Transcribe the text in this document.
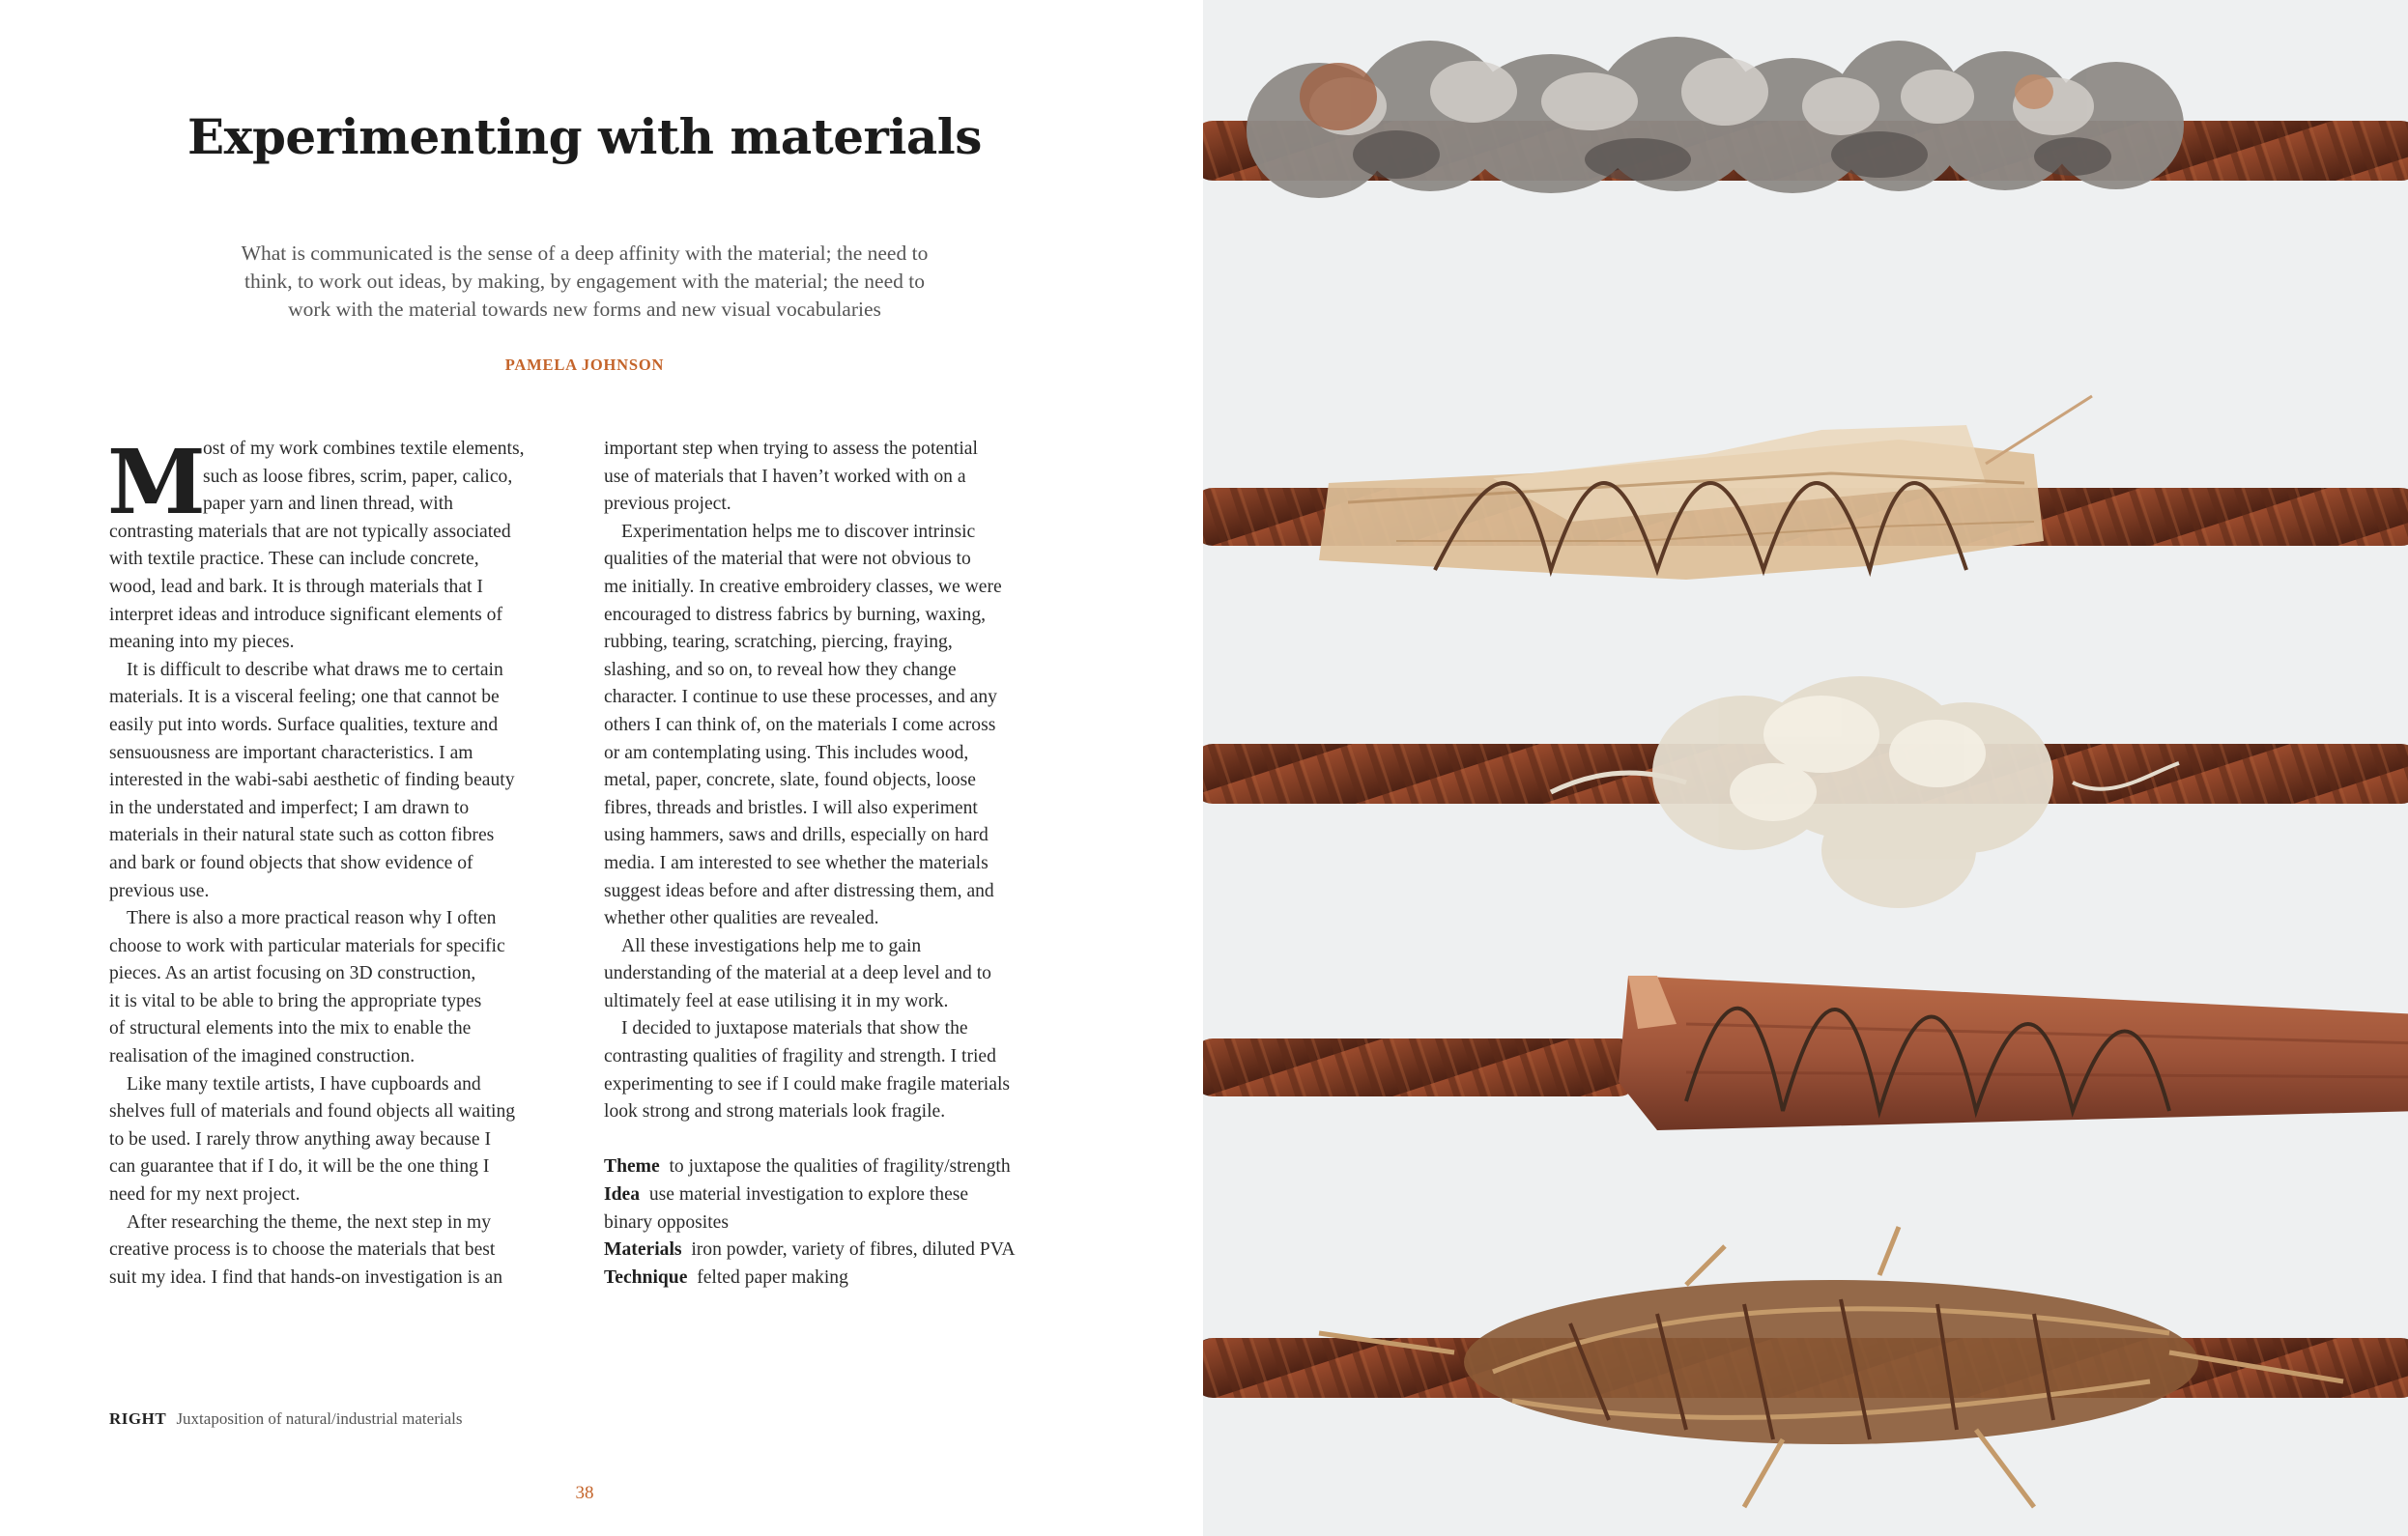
Experimenting with materials
What is communicated is the sense of a deep affinity with the material; the need to
think, to work out ideas, by making, by engagement with the material; the need to
work with the material towards new forms and new visual vocabularies
PAMELA JOHNSON
M
ost of my work combines textile elements,
such as loose fibres, scrim, paper, calico,
paper yarn and linen thread, with
contrasting materials that are not typically associated
with textile practice. These can include concrete,
wood, lead and bark. It is through materials that I
interpret ideas and introduce significant elements of
meaning into my pieces.
It is difficult to describe what draws me to certain
materials. It is a visceral feeling; one that cannot be
easily put into words. Surface qualities, texture and
sensuousness are important characteristics. I am
interested in the wabi-sabi aesthetic of finding beauty
in the understated and imperfect; I am drawn to
materials in their natural state such as cotton fibres
and bark or found objects that show evidence of
previous use.
There is also a more practical reason why I often
choose to work with particular materials for specific
pieces. As an artist focusing on 3D construction,
it is vital to be able to bring the appropriate types
of structural elements into the mix to enable the
realisation of the imagined construction.
Like many textile artists, I have cupboards and
shelves full of materials and found objects all waiting
to be used. I rarely throw anything away because I
can guarantee that if I do, it will be the one thing I
need for my next project.
After researching the theme, the next step in my
creative process is to choose the materials that best
suit my idea. I find that hands-on investigation is an
important step when trying to assess the potential
use of materials that I haven’t worked with on a
previous project.
Experimentation helps me to discover intrinsic
qualities of the material that were not obvious to
me initially. In creative embroidery classes, we were
encouraged to distress fabrics by burning, waxing,
rubbing, tearing, scratching, piercing, fraying,
slashing, and so on, to reveal how they change
character. I continue to use these processes, and any
others I can think of, on the materials I come across
or am contemplating using. This includes wood,
metal, paper, concrete, slate, found objects, loose
fibres, threads and bristles. I will also experiment
using hammers, saws and drills, especially on hard
media. I am interested to see whether the materials
suggest ideas before and after distressing them, and
whether other qualities are revealed.
All these investigations help me to gain
understanding of the material at a deep level and to
ultimately feel at ease utilising it in my work.
I decided to juxtapose materials that show the
contrasting qualities of fragility and strength. I tried
experimenting to see if I could make fragile materials
look strong and strong materials look fragile.
Theme to juxtapose the qualities of fragility/strength
Idea use material investigation to explore these
binary opposites
Materials iron powder, variety of fibres, diluted PVA
Technique felted paper making
RIGHT Juxtaposition of natural/industrial materials
38
